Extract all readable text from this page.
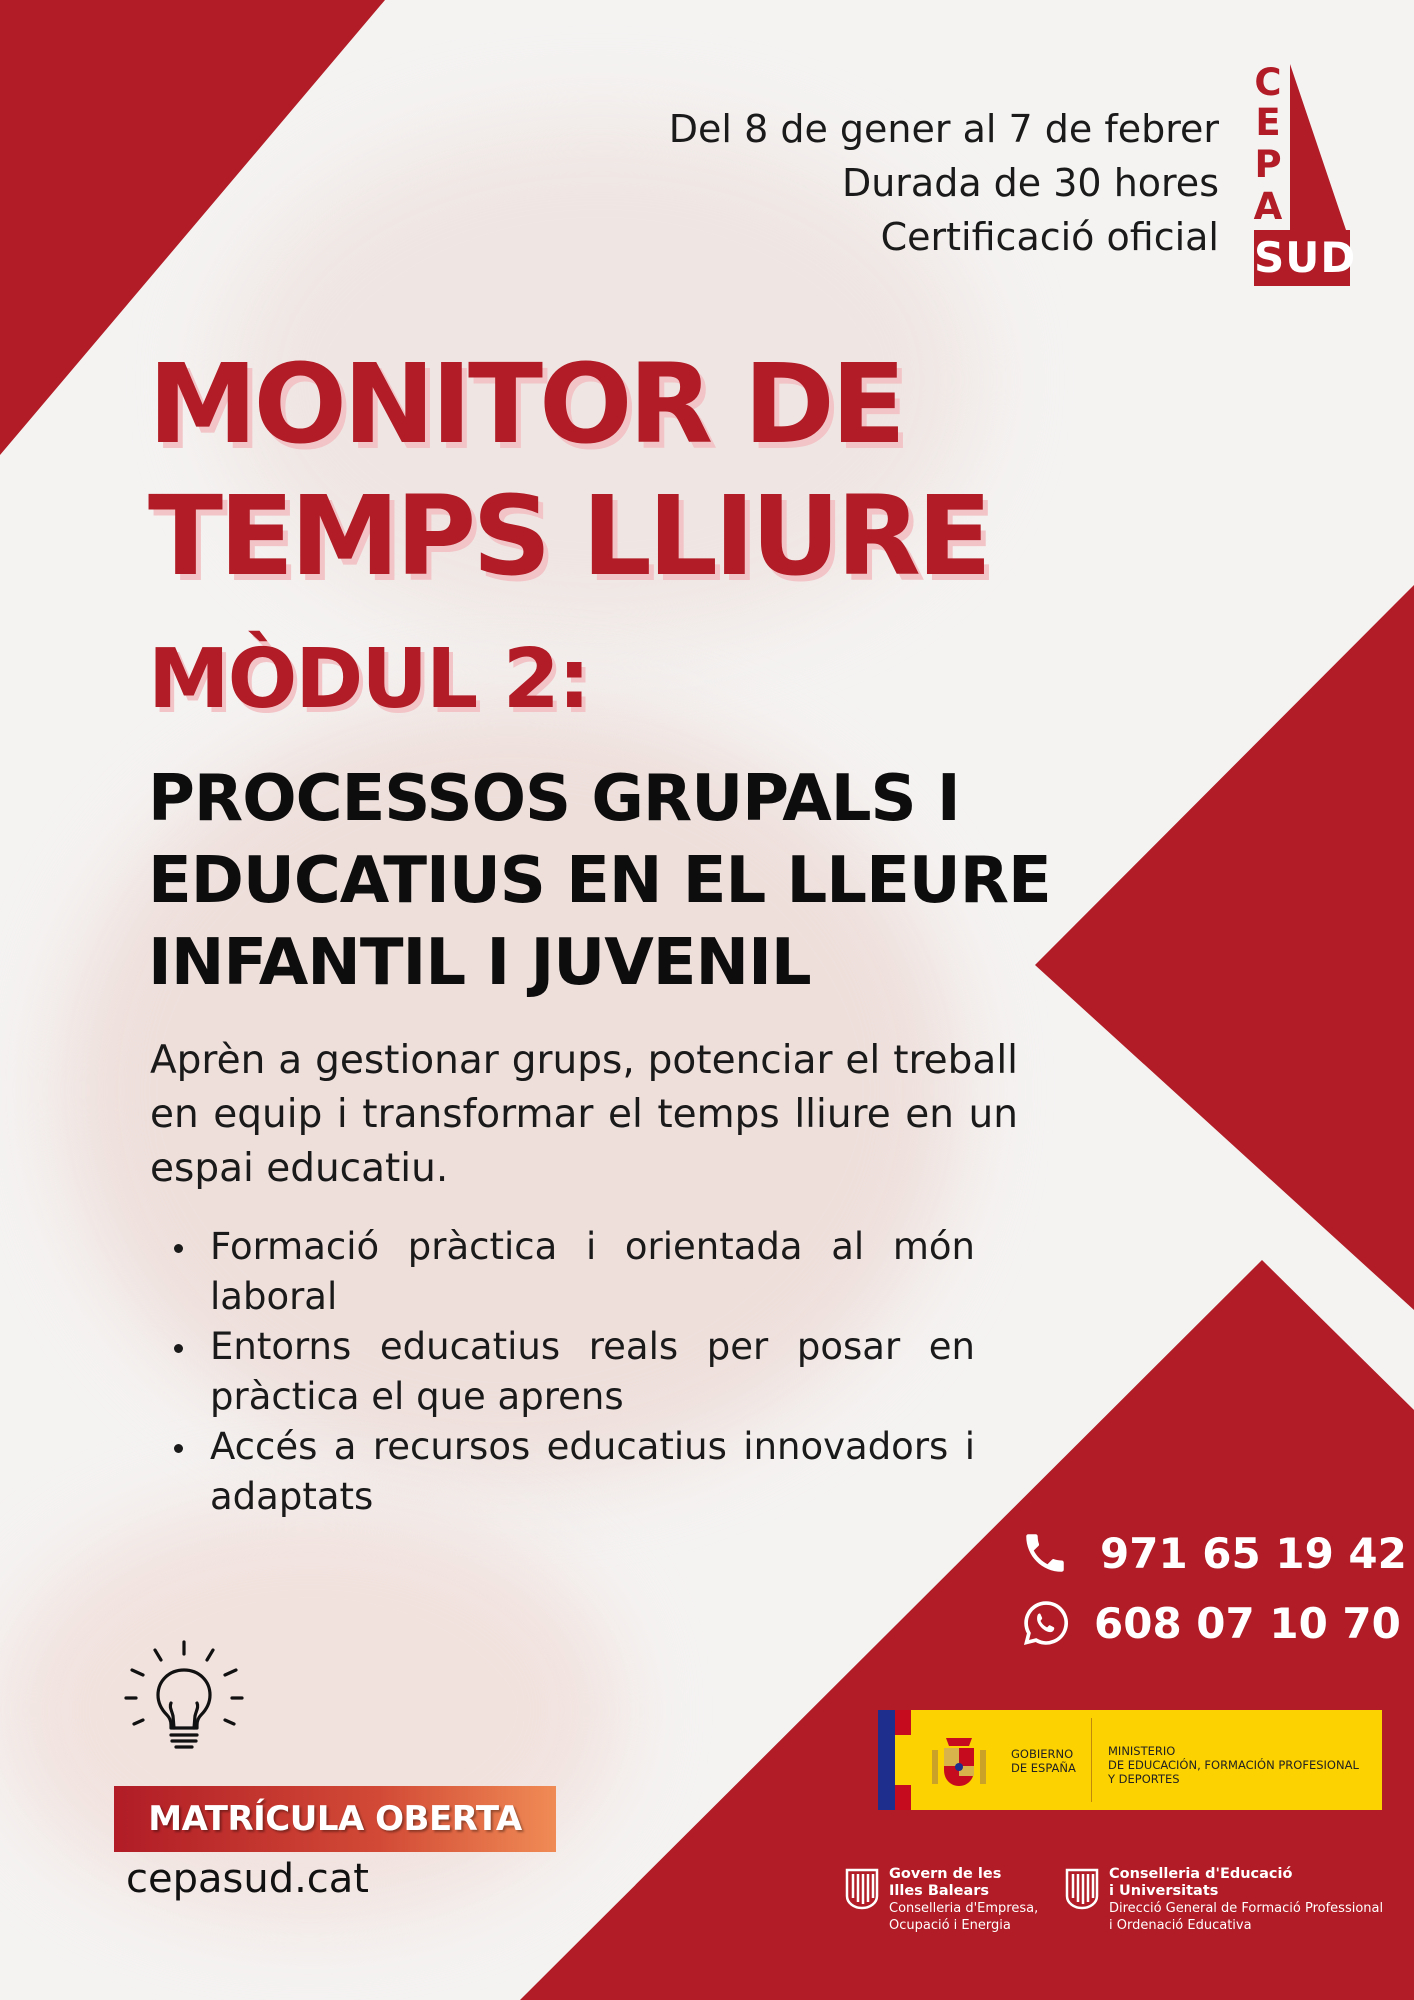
Del 8 de gener al 7 de febrer
Durada de 30 hores
Certificació oficial
C
E
P
A
SUD
MONITOR DE
TEMPS LLIURE
MÒDUL 2:
PROCESSOS GRUPALS I
EDUCATIUS EN EL LLEURE
INFANTIL I JUVENIL

Aprèn a gestionar grups, potenciar el treball en equip i transformar el temps lliure en un espai educatiu.

Formació pràctica i orientada al món laboral
Entorns educatius reals per posar en pràctica el que aprens
Accés a recursos educatius innovadors i adaptats
971 65 19 42
608 07 10 70
MATRÍCULA OBERTA
cepasud.cat
GOBIERNO
DE ESPAÑA
MINISTERIO
DE EDUCACIÓN, FORMACIÓN PROFESIONAL
Y DEPORTES
Govern de les
Illes Balears
Conselleria d'Empresa,
Ocupació i Energia
Conselleria d'Educació
i Universitats
Direcció General de Formació Professional
i Ordenació Educativa
